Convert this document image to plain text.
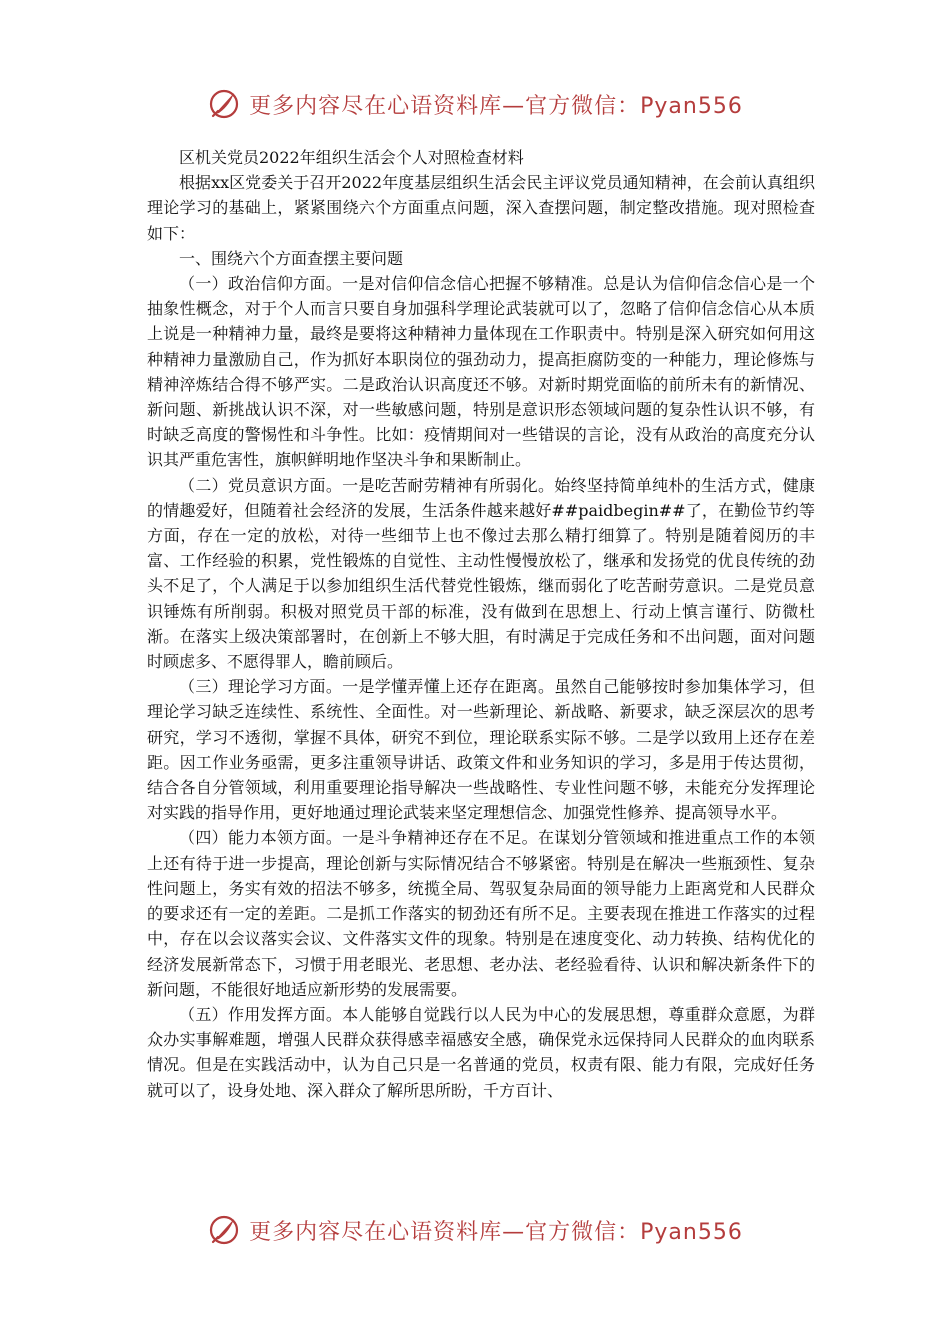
更多内容尽在心语资料库—官方微信：Pyan556

区机关党员2022年组织生活会个人对照检查材料

根据xx区党委关于召开2022年度基层组织生活会民主评议党员通知精神，在会前认真组织理论学习的基础上，紧紧围绕六个方面重点问题，深入查摆问题，制定整改措施。现对照检查如下：

一、围绕六个方面查摆主要问题

（一）政治信仰方面。一是对信仰信念信心把握不够精准。总是认为信仰信念信心是一个抽象性概念，对于个人而言只要自身加强科学理论武装就可以了，忽略了信仰信念信心从本质上说是一种精神力量，最终是要将这种精神力量体现在工作职责中。特别是深入研究如何用这种精神力量激励自己，作为抓好本职岗位的强劲动力，提高拒腐防变的一种能力，理论修炼与精神淬炼结合得不够严实。二是政治认识高度还不够。对新时期党面临的前所未有的新情况、新问题、新挑战认识不深，对一些敏感问题，特别是意识形态领域问题的复杂性认识不够，有时缺乏高度的警惕性和斗争性。比如：疫情期间对一些错误的言论，没有从政治的高度充分认识其严重危害性，旗帜鲜明地作坚决斗争和果断制止。

（二）党员意识方面。一是吃苦耐劳精神有所弱化。始终坚持简单纯朴的生活方式，健康的情趣爱好，但随着社会经济的发展，生活条件越来越好##paidbegin##了，在勤俭节约等方面，存在一定的放松，对待一些细节上也不像过去那么精打细算了。特别是随着阅历的丰富、工作经验的积累，党性锻炼的自觉性、主动性慢慢放松了，继承和发扬党的优良传统的劲头不足了，个人满足于以参加组织生活代替党性锻炼，继而弱化了吃苦耐劳意识。二是党员意识锤炼有所削弱。积极对照党员干部的标准，没有做到在思想上、行动上慎言谨行、防微杜渐。在落实上级决策部署时，在创新上不够大胆，有时满足于完成任务和不出问题，面对问题时顾虑多、不愿得罪人，瞻前顾后。

（三）理论学习方面。一是学懂弄懂上还存在距离。虽然自己能够按时参加集体学习，但理论学习缺乏连续性、系统性、全面性。对一些新理论、新战略、新要求，缺乏深层次的思考研究，学习不透彻，掌握不具体，研究不到位，理论联系实际不够。二是学以致用上还存在差距。因工作业务亟需，更多注重领导讲话、政策文件和业务知识的学习，多是用于传达贯彻，结合各自分管领域，利用重要理论指导解决一些战略性、专业性问题不够，未能充分发挥理论对实践的指导作用，更好地通过理论武装来坚定理想信念、加强党性修养、提高领导水平。

（四）能力本领方面。一是斗争精神还存在不足。在谋划分管领域和推进重点工作的本领上还有待于进一步提高，理论创新与实际情况结合不够紧密。特别是在解决一些瓶颈性、复杂性问题上，务实有效的招法不够多，统揽全局、驾驭复杂局面的领导能力上距离党和人民群众的要求还有一定的差距。二是抓工作落实的韧劲还有所不足。主要表现在推进工作落实的过程中，存在以会议落实会议、文件落实文件的现象。特别是在速度变化、动力转换、结构优化的经济发展新常态下，习惯于用老眼光、老思想、老办法、老经验看待、认识和解决新条件下的新问题，不能很好地适应新形势的发展需要。

（五）作用发挥方面。本人能够自觉践行以人民为中心的发展思想，尊重群众意愿，为群众办实事解难题，增强人民群众获得感幸福感安全感，确保党永远保持同人民群众的血肉联系情况。但是在实践活动中，认为自己只是一名普通的党员，权责有限、能力有限，完成好任务就可以了，设身处地、深入群众了解所思所盼，千方百计、

更多内容尽在心语资料库—官方微信：Pyan556
